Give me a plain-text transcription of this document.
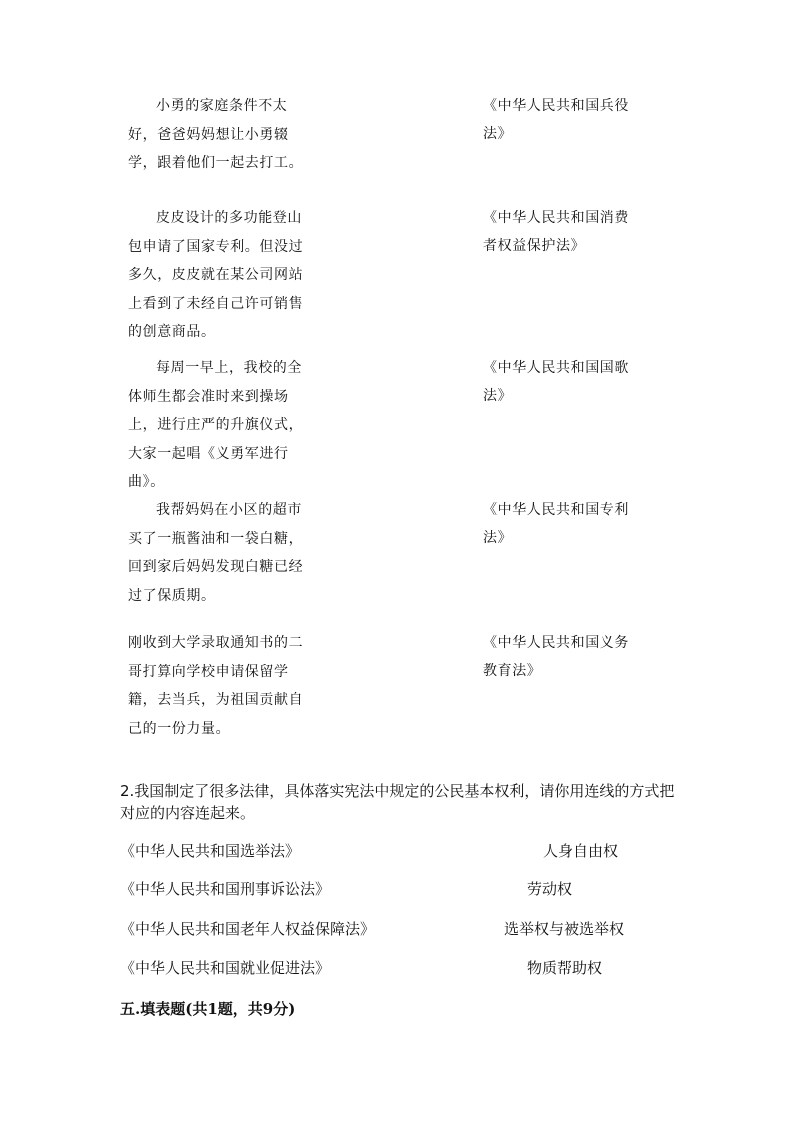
小勇的家庭条件不太好，爸爸妈妈想让小勇辍学，跟着他们一起去打工。

皮皮设计的多功能登山包申请了国家专利。但没过多久，皮皮就在某公司网站上看到了未经自己许可销售的创意商品。

每周一早上，我校的全体师生都会准时来到操场上，进行庄严的升旗仪式，大家一起唱《义勇军进行曲》。

我帮妈妈在小区的超市买了一瓶酱油和一袋白糖，回到家后妈妈发现白糖已经过了保质期。

刚收到大学录取通知书的二哥打算向学校申请保留学籍，去当兵，为祖国贡献自己的一份力量。

《中华人民共和国兵役法》
《中华人民共和国消费者权益保护法》
《中华人民共和国国歌法》
《中华人民共和国专利法》
《中华人民共和国义务教育法》
2.我国制定了很多法律，具体落实宪法中规定的公民基本权利，请你用连线的方式把对应的内容连起来。
《中华人民共和国选举法》
《中华人民共和国刑事诉讼法》
《中华人民共和国老年人权益保障法》
《中华人民共和国就业促进法》
人身自由权
劳动权
选举权与被选举权
物质帮助权
五.填表题(共1题，共9分)
